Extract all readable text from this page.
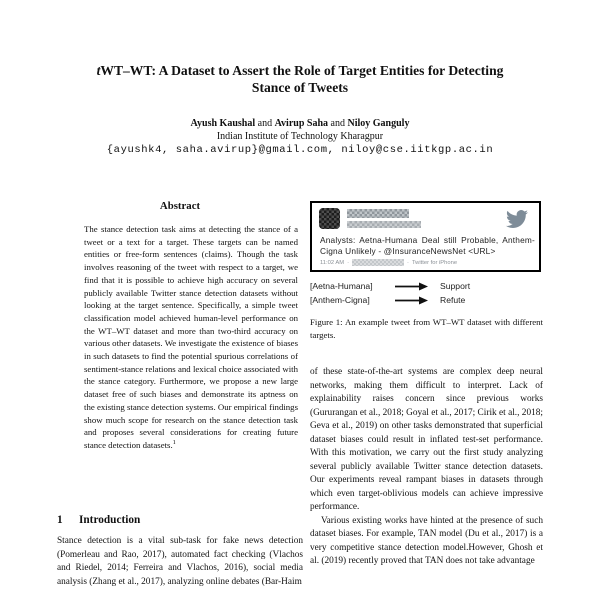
tWT–WT: A Dataset to Assert the Role of Target Entities for Detecting
Stance of Tweets
Ayush Kaushal and Avirup Saha and Niloy Ganguly
Indian Institute of Technology Kharagpur
{ayushk4, saha.avirup}@gmail.com, niloy@cse.iitkgp.ac.in
Abstract

The stance detection task aims at detecting the stance of a tweet or a text for a target. These targets can be named entities or free-form sentences (claims). Though the task involves reasoning of the tweet with respect to a target, we find that it is possible to achieve high accuracy on several publicly available Twitter stance detection datasets without looking at the target sentence. Specifically, a simple tweet classification model achieved human-level performance on the WT–WT dataset and more than two-third accuracy on various other datasets. We investigate the existence of biases in such datasets to find the potential spurious correlations of sentiment-stance relations and lexical choice associated with the stance category. Furthermore, we propose a new large dataset free of such biases and demonstrate its aptness on the existing stance detection systems. Our empirical findings show much scope for research on the stance detection task and proposes several considerations for creating future stance detection datasets.$^1$

1 Introduction

Stance detection is a vital sub-task for fake news detection (Pomerleau and Rao, 2017), automated fact checking (Vlachos and Riedel, 2014; Ferreira and Vlachos, 2016), social media analysis (Zhang et al., 2017), analyzing online debates (Bar-Haim

Analysts: Aetna-Humana Deal still Probable, Anthem-Cigna Unlikely - @InsuranceNewsNet <URL>
11:02 AM ·	· Twitter for iPhone
[Aetna-Humana]	Support
[Anthem-Cigna]	Refute
Figure 1: An example tweet from WT–WT dataset with different targets.

of these state-of-the-art systems are complex deep neural networks, making them difficult to interpret. Lack of explainability raises concern since previous works (Gururangan et al., 2018; Goyal et al., 2017; Cirik et al., 2018; Geva et al., 2019) on other tasks demonstrated that superficial dataset biases could result in inflated test-set performance. With this motivation, we carry out the first study analyzing several publicly available Twitter stance detection datasets. Our experiments reveal rampant biases in datasets through which even target-oblivious models can achieve impressive performance.

Various existing works have hinted at the presence of such dataset biases. For example, TAN model (Du et al., 2017) is a very competitive stance detection model.However, Ghosh et al. (2019) recently proved that TAN does not take advantage
